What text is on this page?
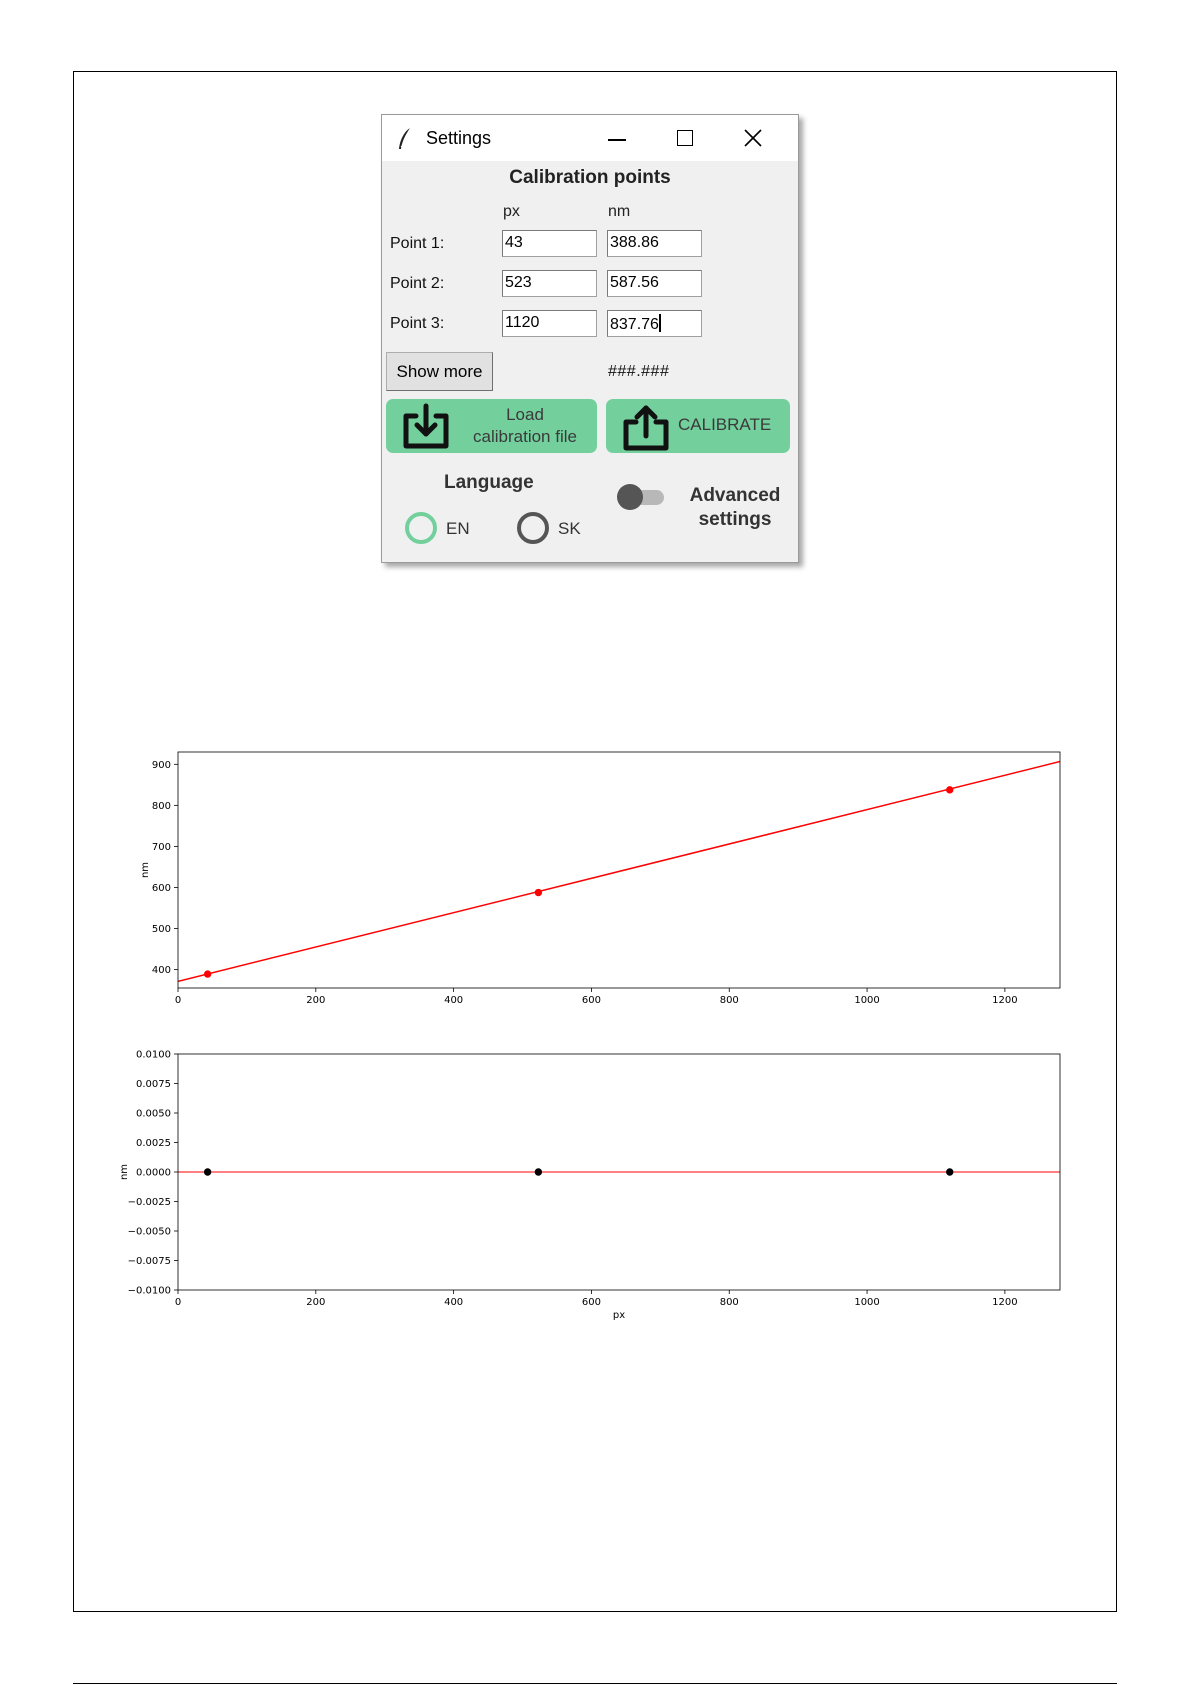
Settings
Calibration points
px	nm
Point 1:	43	388.86
Point 2:	523	587.56
Point 3:	1120	837.76
Show more	###.###
Load
calibration file
CALIBRATE
Language
EN	SK
Advanced
settings
0	200	400	600	800	1000	1200
400
500
600
700
800
900
nm
0	200	400	600	800	1000	1200
0.0100
0.0075
0.0050
0.0025
0.0000
−0.0025
−0.0050
−0.0075
−0.0100
nm
px
